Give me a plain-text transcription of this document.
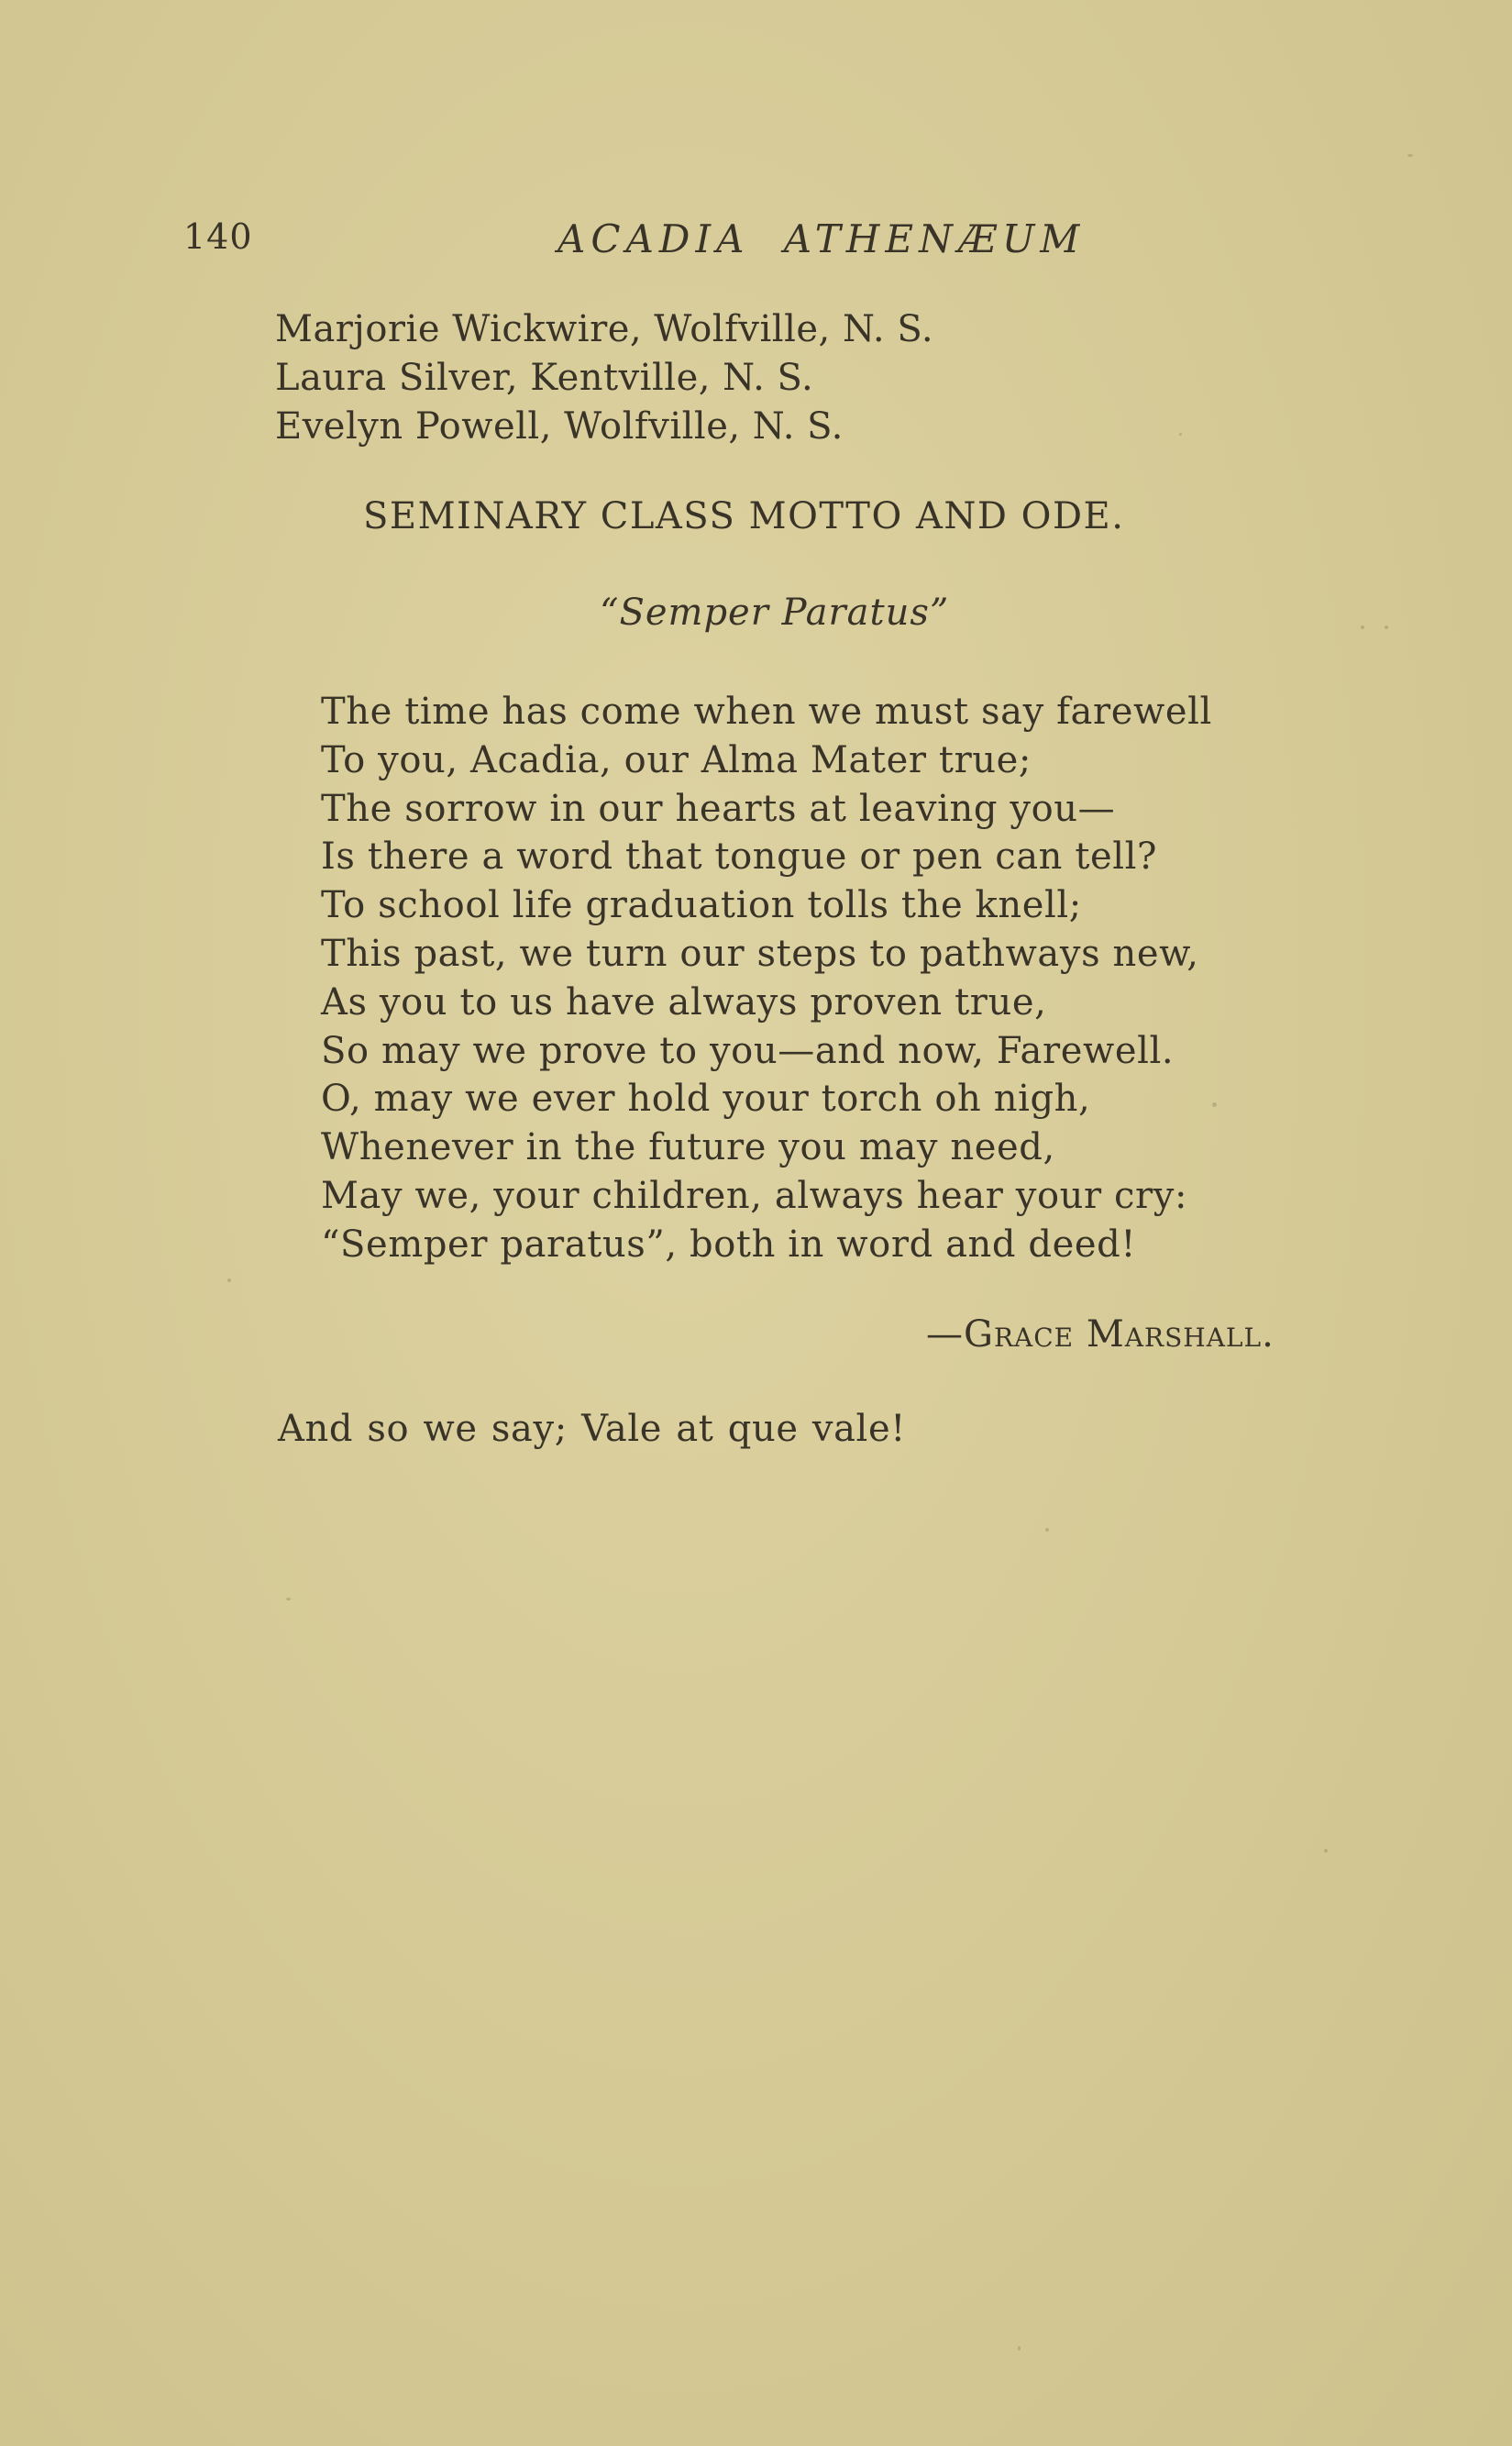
140	ACADIA ATHENÆUM
Marjorie Wickwire, Wolfville, N. S.
Laura Silver, Kentville, N. S.
Evelyn Powell, Wolfville, N. S.
SEMINARY CLASS MOTTO AND ODE.
“Semper Paratus”
The time has come when we must say farewell
To you, Acadia, our Alma Mater true;
The sorrow in our hearts at leaving you—
Is there a word that tongue or pen can tell?
To school life graduation tolls the knell;
This past, we turn our steps to pathways new,
As you to us have always proven true,
So may we prove to you—and now, Farewell.
O, may we ever hold your torch oh nigh,
Whenever in the future you may need,
May we, your children, always hear your cry:
“Semper paratus”, both in word and deed!
—Grace Marshall.
And so we say; Vale at que vale!
